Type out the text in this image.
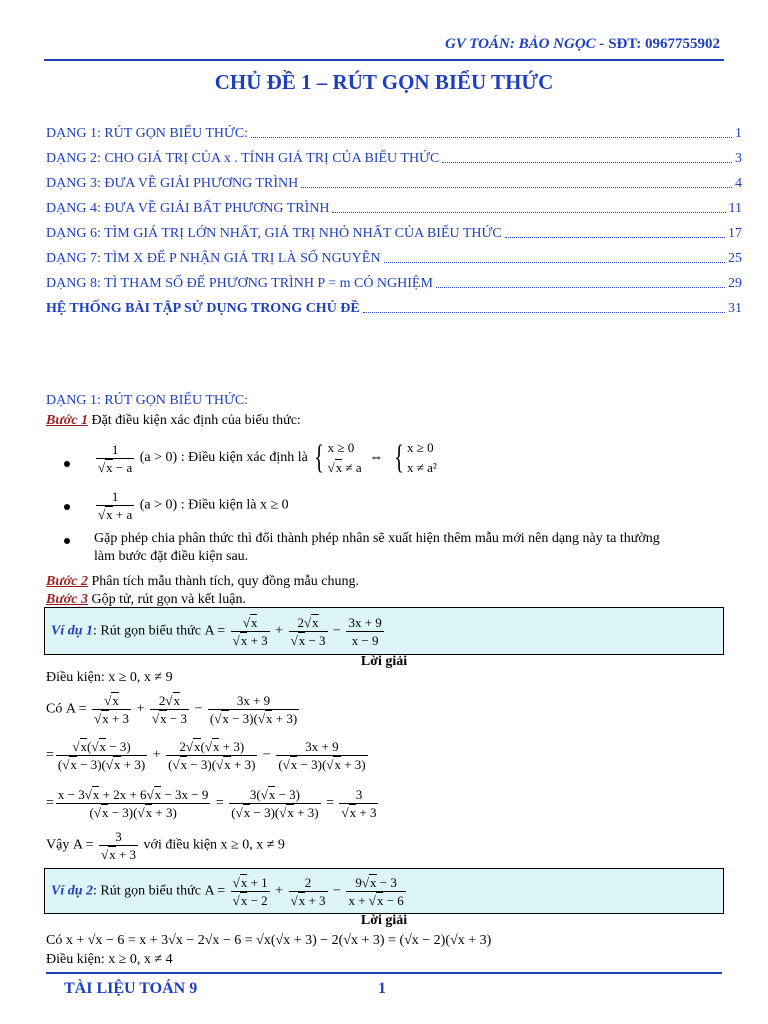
GV TOÁN: BẢO NGỌC - SĐT: 0967755902
CHỦ ĐỀ 1 – RÚT GỌN BIỂU THỨC
DẠNG 1: RÚT GỌN BIỂU THỨC:	1
DẠNG 2: CHO GIÁ TRỊ CỦA x . TÍNH GIÁ TRỊ CỦA BIỂU THỨC	3
DẠNG 3: ĐƯA VỀ GIẢI PHƯƠNG TRÌNH	4
DẠNG 4: ĐƯA VỀ GIẢI BẤT PHƯƠNG TRÌNH	11
DẠNG 6: TÌM GIÁ TRỊ LỚN NHẤT, GIÁ TRỊ NHỎ NHẤT CỦA BIỂU THỨC	17
DẠNG 7: TÌM X ĐỂ P NHẬN GIÁ TRỊ LÀ SỐ NGUYÊN	25
DẠNG 8: TÌ THAM SỐ ĐỂ PHƯƠNG TRÌNH P = m CÓ NGHIỆM	29
HỆ THỐNG BÀI TẬP SỬ DỤNG TRONG CHỦ ĐỀ	31
DẠNG 1: RÚT GỌN BIỂU THỨC:
Bước 1 Đặt điều kiện xác định của biểu thức:
1
√ x − a (a > 0) : Điều kiện xác định là { x ≥ 0
√ x ≠ a ⇔ { x ≥ 0
x ≠ a²
1
√ x + a (a > 0) : Điều kiện là x ≥ 0
Gặp phép chia phân thức thì đổi thành phép nhân sẽ xuất hiện thêm mẫu mới nên dạng này ta thường
làm bước đặt điều kiện sau.
Bước 2 Phân tích mẫu thành tích, quy đồng mẫu chung.
Bước 3 Gộp tử, rút gọn và kết luận.
Ví dụ 1: Rút gọn biểu thức A = √ x
√ x + 3 + 2 √ x
√ $x - 3 - \frac{3x + 9}{x - 9}$
Lời giải
Điều kiện: x ≥ 0, x ≠ 9
Có A = √ x
√ x + 3 + 2 √ x
√ $x - 3 - \frac{3x + 9}{( √ x - 3)( √ x + 3)}$
= √ $\frac{x( √ x - 3)}{( √ x - 3)( √ x + 3)} + \frac{2 √ x( √ x + 3)}{( √ x - 3)( √ x + 3)} - \frac{3x + 9}{( √ x - 3)( √ x + 3)}$
= $\frac{x - 3 √ x + 2x + 6 √ x - 3x - 9}{( √ x - 3)( √ x + 3)} = \frac{3( √ x - 3)}{( √ x - 3)( √ x + 3)} = 3$
√ x + 3
Vậy A = 3
√ x + 3 với điều kiện x ≥ 0, x ≠ 9
Ví dụ 2: Rút gọn biểu thức A = √ x + 1
√ x − 2 + 2
√ $x + 3 - \frac{9 √ x - 3}{x + √ x - 6}$
Lời giải
Có x + √x − 6 = x + 3√x − 2√x − 6 = √x(√x + 3) − 2(√x + 3) = (√x − 2)(√x + 3)
Điều kiện: x ≥ 0, x ≠ 4
TÀI LIỆU TOÁN 9	1
